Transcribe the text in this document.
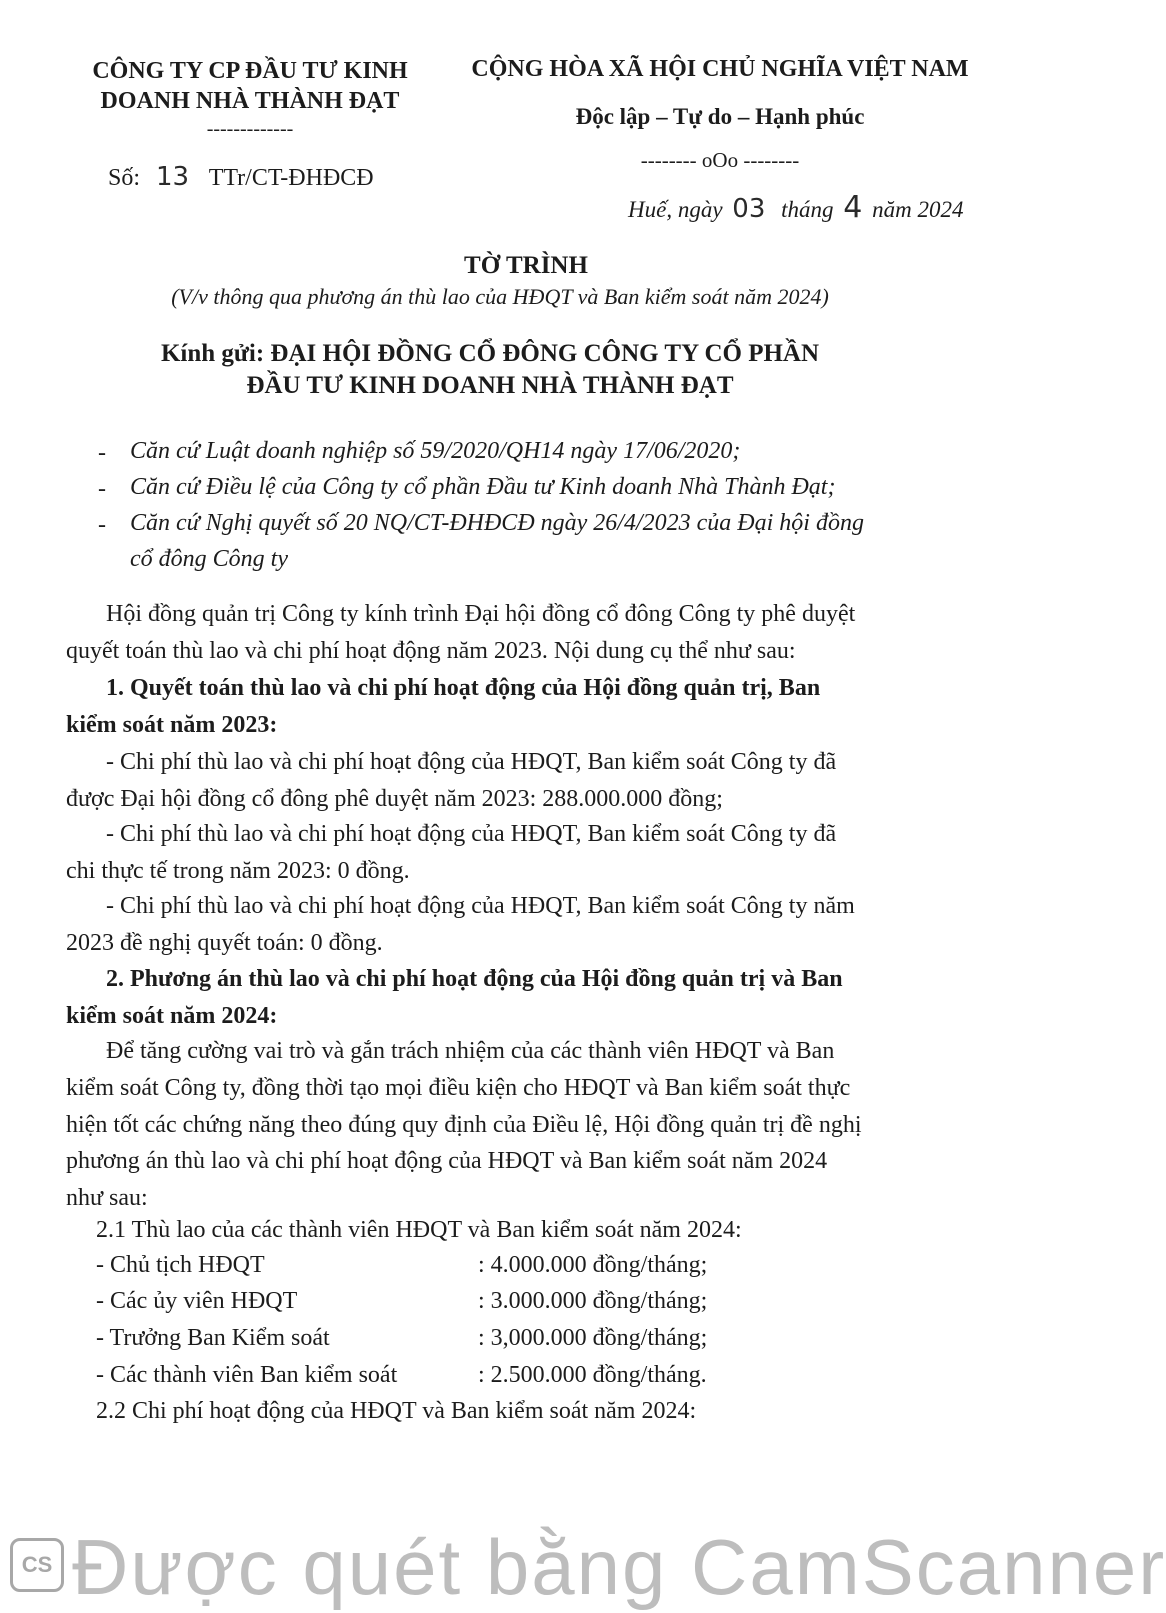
CÔNG TY CP ĐẦU TƯ KINH
DOANH NHÀ THÀNH ĐẠT
-------------
Số: 13 TTr/CT-ĐHĐCĐ
CỘNG HÒA XÃ HỘI CHỦ NGHĨA VIỆT NAM
Độc lập – Tự do – Hạnh phúc
-------- oOo --------
Huế, ngày 03 tháng 4 năm 2024
TỜ TRÌNH
(V/v thông qua phương án thù lao của HĐQT và Ban kiểm soát năm 2024)
Kính gửi: ĐẠI HỘI ĐỒNG CỔ ĐÔNG CÔNG TY CỔ PHẦN
ĐẦU TƯ KINH DOANH NHÀ THÀNH ĐẠT
- Căn cứ Luật doanh nghiệp số 59/2020/QH14 ngày 17/06/2020;
- Căn cứ Điều lệ của Công ty cổ phần Đầu tư Kinh doanh Nhà Thành Đạt;
- Căn cứ Nghị quyết số 20 NQ/CT-ĐHĐCĐ ngày 26/4/2023 của Đại hội đồng
cổ đông Công ty
Hội đồng quản trị Công ty kính trình Đại hội đồng cổ đông Công ty phê duyệt
quyết toán thù lao và chi phí hoạt động năm 2023. Nội dung cụ thể như sau:
1. Quyết toán thù lao và chi phí hoạt động của Hội đồng quản trị, Ban
kiểm soát năm 2023:
- Chi phí thù lao và chi phí hoạt động của HĐQT, Ban kiểm soát Công ty đã
được Đại hội đồng cổ đông phê duyệt năm 2023: 288.000.000 đồng;
- Chi phí thù lao và chi phí hoạt động của HĐQT, Ban kiểm soát Công ty đã
chi thực tế trong năm 2023: 0 đồng.
- Chi phí thù lao và chi phí hoạt động của HĐQT, Ban kiểm soát Công ty năm
2023 đề nghị quyết toán: 0 đồng.
2. Phương án thù lao và chi phí hoạt động của Hội đồng quản trị và Ban
kiểm soát năm 2024:
Để tăng cường vai trò và gắn trách nhiệm của các thành viên HĐQT và Ban
kiểm soát Công ty, đồng thời tạo mọi điều kiện cho HĐQT và Ban kiểm soát thực
hiện tốt các chứng năng theo đúng quy định của Điều lệ, Hội đồng quản trị đề nghị
phương án thù lao và chi phí hoạt động của HĐQT và Ban kiểm soát năm 2024
như sau:
2.1 Thù lao của các thành viên HĐQT và Ban kiểm soát năm 2024:
- Chủ tịch HĐQT	: 4.000.000 đồng/tháng;
- Các ủy viên HĐQT	: 3.000.000 đồng/tháng;
- Trưởng Ban Kiểm soát	: 3,000.000 đồng/tháng;
- Các thành viên Ban kiểm soát	: 2.500.000 đồng/tháng.
2.2 Chi phí hoạt động của HĐQT và Ban kiểm soát năm 2024:
CS Được quét bằng CamScanner
